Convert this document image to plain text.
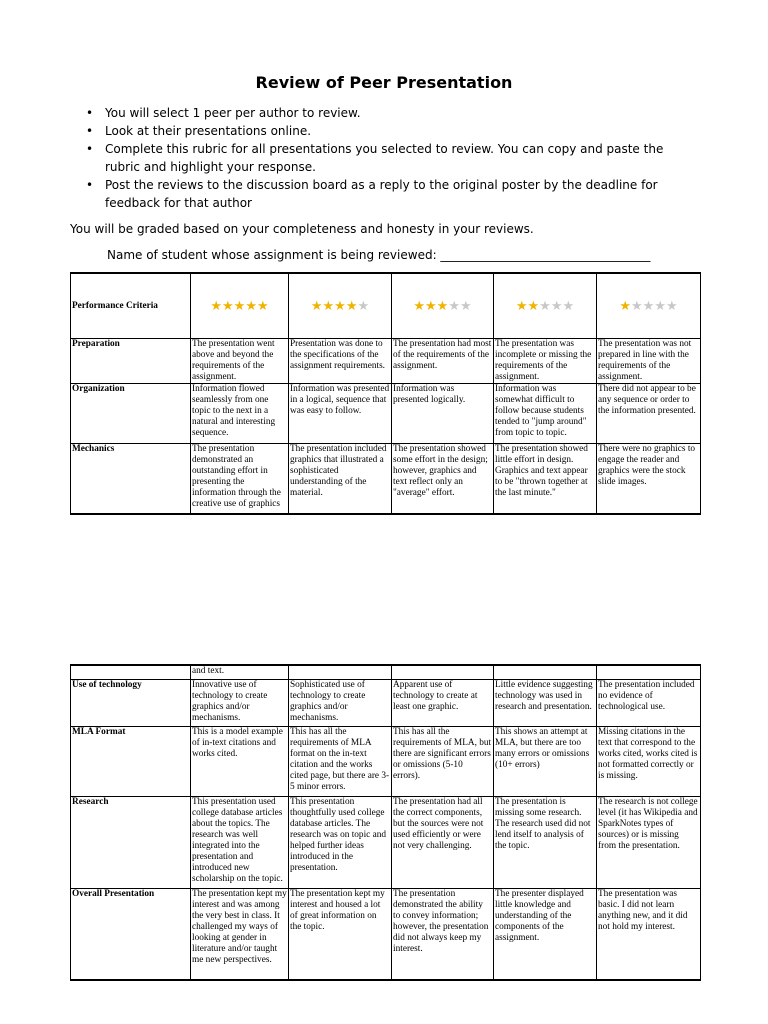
Review of Peer Presentation
• You will select 1 peer per author to review.
• Look at their presentations online.
• Complete this rubric for all presentations you selected to review. You can copy and paste the rubric and highlight your response.
• Post the reviews to the discussion board as a reply to the original poster by the deadline for feedback for that author
You will be graded based on your completeness and honesty in your reviews.
Name of student whose assignment is being reviewed: ___________________________________
Performance Criteria	★★★★★	★★★★★	★★★★★	★★★★★	★★★★★
Preparation	The presentation went above and beyond the requirements of the assignment.	Presentation was done to the specifications of the assignment requirements.	The presentation had most of the requirements of the assignment.	The presentation was incomplete or missing the requirements of the assignment.	The presentation was not prepared in line with the requirements of the assignment.
Organization	Information flowed seamlessly from one topic to the next in a natural and interesting sequence.	Information was presented in a logical, sequence that was easy to follow.	Information was presented logically.	Information was somewhat difficult to follow because students tended to "jump around" from topic to topic.	There did not appear to be any sequence or order to the information presented.
Mechanics	The presentation demonstrated an outstanding effort in presenting the information through the creative use of graphics	The presentation included graphics that illustrated a sophisticated understanding of the material.	The presentation showed some effort in the design; however, graphics and text reflect only an "average" effort.	The presentation showed little effort in design. Graphics and text appear to be "thrown together at the last minute."	There were no graphics to engage the reader and graphics were the stock slide images.
	and text.				
Use of technology	Innovative use of technology to create graphics and/or mechanisms.	Sophisticated use of technology to create graphics and/or mechanisms.	Apparent use of technology to create at least one graphic.	Little evidence suggesting technology was used in research and presentation.	The presentation included no evidence of technological use.
MLA Format	This is a model example of in-text citations and works cited.	This has all the requirements of MLA format on the in-text citation and the works cited page, but there are 3-5 minor errors.	This has all the requirements of MLA, but there are significant errors or omissions (5-10 errors).	This shows an attempt at MLA, but there are too many errors or omissions (10+ errors)	Missing citations in the text that correspond to the works cited, works cited is not formatted correctly or is missing.
Research	This presentation used college database articles about the topics. The research was well integrated into the presentation and introduced new scholarship on the topic.	This presentation thoughtfully used college database articles. The research was on topic and helped further ideas introduced in the presentation.	The presentation had all the correct components, but the sources were not used efficiently or were not very challenging.	The presentation is missing some research. The research used did not lend itself to analysis of the topic.	The research is not college level (it has Wikipedia and SparkNotes types of sources) or is missing from the presentation.
Overall Presentation	The presentation kept my interest and was among the very best in class. It challenged my ways of looking at gender in literature and/or taught me new perspectives.	The presentation kept my interest and housed a lot of great information on the topic.	The presentation demonstrated the ability to convey information; however, the presentation did not always keep my interest.	The presenter displayed little knowledge and understanding of the components of the assignment.	The presentation was basic. I did not learn anything new, and it did not hold my interest.
